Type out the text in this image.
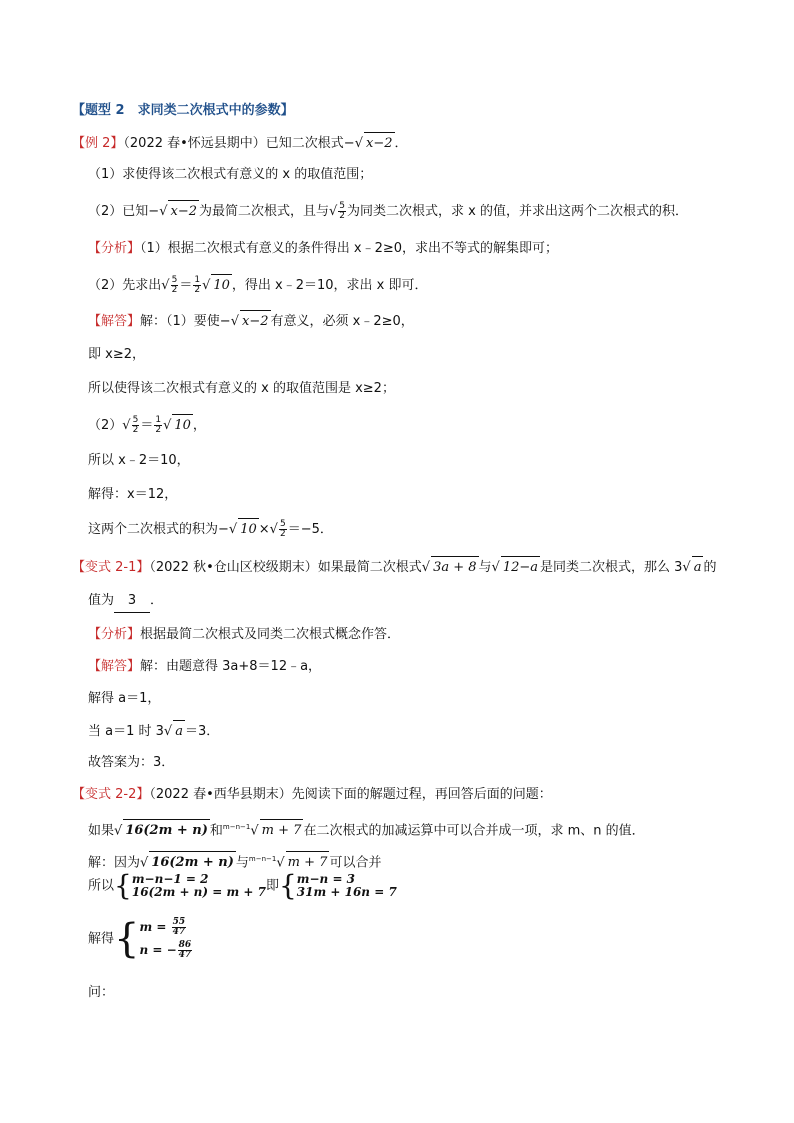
【题型 2　求同类二次根式中的参数】
【例 2】（2022 春•怀远县期中）已知二次根式−√ x−2 ．
（1）求使得该二次根式有意义的 x 的取值范围；
（2）已知−√ x−2 为最简二次根式，且与√ $\frac{5}{2}$ 为同类二次根式，求 x 的值，并求出这两个二次根式的积．
【分析】（1）根据二次根式有意义的条件得出 x﹣2≥0，求出不等式的解集即可；
（2）先求出√ $\frac{5}{2} = \frac{1}{2}$ √ 10 ，得出 x﹣2＝10，求出 x 即可．
【解答】解：（1）要使−√ x−2 有意义，必须 x﹣2≥0，
即 x≥2，
所以使得该二次根式有意义的 x 的取值范围是 x≥2；
$(2)√ \frac{5}{2} = \frac{1}{2}$ √ 10 ，
所以 x﹣2＝10，
解得：x＝12，
这两个二次根式的积为−√ 10 ×√ $\frac{5}{2} =-5$．
【变式 2-1】（2022 秋•仓山区校级期末）如果最简二次根式√ 3a + 8 与√ 12−a 是同类二次根式，那么 3√ a 的
值为 3 ．
【分析】根据最简二次根式及同类二次根式概念作答．
【解答】解：由题意得 3a+8＝12﹣a，
解得 a＝1，
当 a＝1 时 3√ a ＝3．
故答案为：3．
【变式 2-2】（2022 春•西华县期末）先阅读下面的解题过程，再回答后面的问题：
如果√ 16(2m + n) 和$^{m-n-1}$√ m + 7 在二次根式的加减运算中可以合并成一项，求 m、n 的值．
解：因为√ 16(2m + n) 与$^{m-n-1}$√ m + 7 可以合并
所以{ m−n−1 = 2
16(2m + n) = m + 7 即{ m−n = 3
31m + 16n = 7
解得{ $m = \frac{55}{47}$
n = − $\frac{86}{47}$
问：
